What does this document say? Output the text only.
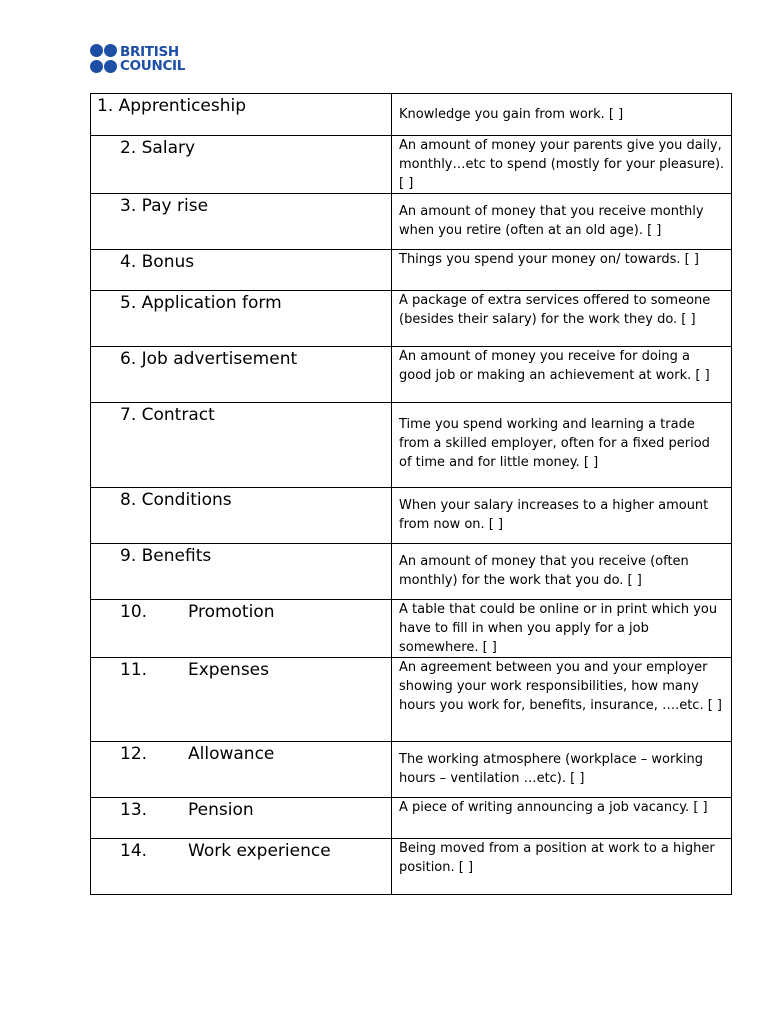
BRITISH
COUNCIL
1.
Apprenticeship	Knowledge you gain from work. [ ]

2.
Salary	An amount of money your parents give you daily, monthly…etc to spend (mostly for your pleasure). [ ]

3.
Pay rise	An amount of money that you receive monthly when you retire (often at an old age). [ ]

4.
Bonus	Things you spend your money on/ towards. [ ]

5.
Application form	A package of extra services offered to someone (besides their salary) for the work they do. [ ]

6.
Job advertisement	An amount of money you receive for doing a good job or making an achievement at work. [ ]

7.
Contract	Time you spend working and learning a trade from a skilled employer, often for a fixed period of time and for little money. [ ]

8.
Conditions	When your salary increases to a higher amount from now on. [ ]

9.
Benefits	An amount of money that you receive (often monthly) for the work that you do. [ ]

10. Promotion	A table that could be online or in print which you have to fill in when you apply for a job somewhere. [ ]

11. Expenses	An agreement between you and your employer showing your work responsibilities, how many hours you work for, benefits, insurance, ….etc. [ ]

12. Allowance	The working atmosphere (workplace – working hours – ventilation …etc). [ ]

13. Pension	A piece of writing announcing a job vacancy. [ ]

14. Work experience	Being moved from a position at work to a higher position. [ ]
